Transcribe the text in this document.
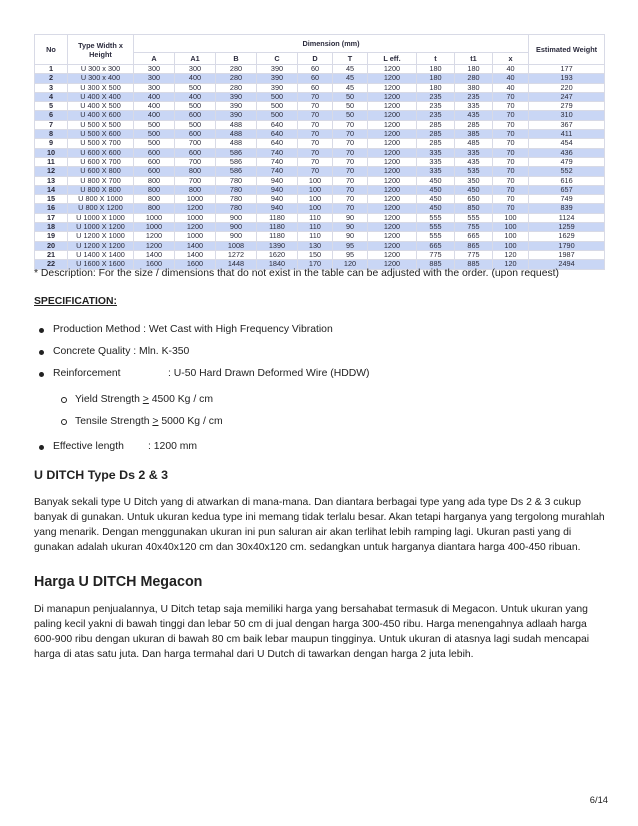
No	Type Width x Height	Dimension (mm)										Estimated Weight
		A	A1	B	C	D	T	L eff.	t	t1	x	
1	U 300 x 300	300	300	280	390	60	45	1200	180	180	40	177
2	U 300 x 400	300	400	280	390	60	45	1200	180	280	40	193
3	U 300 X 500	300	500	280	390	60	45	1200	180	380	40	220
4	U 400 X 400	400	400	390	500	70	50	1200	235	235	70	247
5	U 400 X 500	400	500	390	500	70	50	1200	235	335	70	279
6	U 400 X 600	400	600	390	500	70	50	1200	235	435	70	310
7	U 500 X 500	500	500	488	640	70	70	1200	285	285	70	367
8	U 500 X 600	500	600	488	640	70	70	1200	285	385	70	411
9	U 500 X 700	500	700	488	640	70	70	1200	285	485	70	454
10	U 600 X 600	600	600	586	740	70	70	1200	335	335	70	436
11	U 600 X 700	600	700	586	740	70	70	1200	335	435	70	479
12	U 600 X 800	600	800	586	740	70	70	1200	335	535	70	552
13	U 800 X 700	800	700	780	940	100	70	1200	450	350	70	616
14	U 800 X 800	800	800	780	940	100	70	1200	450	450	70	657
15	U 800 X 1000	800	1000	780	940	100	70	1200	450	650	70	749
16	U 800 X 1200	800	1200	780	940	100	70	1200	450	850	70	839
17	U 1000 X 1000	1000	1000	900	1180	110	90	1200	555	555	100	1124
18	U 1000 X 1200	1000	1200	900	1180	110	90	1200	555	755	100	1259
19	U 1200 X 1000	1200	1000	900	1180	110	90	1200	555	665	100	1629
20	U 1200 X 1200	1200	1400	1008	1390	130	95	1200	665	865	100	1790
21	U 1400 X 1400	1400	1400	1272	1620	150	95	1200	775	775	120	1987
22	U 1600 X 1600	1600	1600	1448	1840	170	120	1200	885	885	120	2494
* Description: For the size / dimensions that do not exist in the table can be adjusted with the order. (upon request)
SPECIFICATION:
Production Method : Wet Cast with High Frequency Vibration
Concrete Quality : Mln. K-350
Reinforcement	: U-50 Hard Drawn Deformed Wire (HDDW)
Yield Strength > 4500 Kg / cm
Tensile Strength > 5000 Kg / cm
Effective length : 1200 mm
U DITCH Type Ds 2 & 3
Banyak sekali type U Ditch yang di atwarkan di mana-mana. Dan diantara berbagai type yang ada type Ds 2 & 3 cukup banyak di gunakan. Untuk ukuran kedua type ini memang tidak terlalu besar. Akan tetapi harganya yang tergolong murahlah yang menarik. Dengan menggunakan ukuran ini pun saluran air akan terlihat lebih ramping lagi. Ukuran pasti yang di gunakan adalah ukuran 40x40x120 cm dan 30x40x120 cm. sedangkan untuk harganya diantara harga 400-450 ribuan.
Harga U DITCH Megacon
Di manapun penjualannya, U Ditch tetap saja memiliki harga yang bersahabat termasuk di Megacon. Untuk ukuran yang paling kecil yakni di bawah tinggi dan lebar 50 cm di jual dengan harga 300-450 ribu. Harga menengahnya adlaah harga 600-900 ribu dengan ukuran di bawah 80 cm baik lebar maupun tingginya. Untuk ukuran di atasnya lagi sudah mencapai harga di atas satu juta. Dan harga termahal dari U Dutch di tawarkan dengan harga 2 juta lebih.
6/14
